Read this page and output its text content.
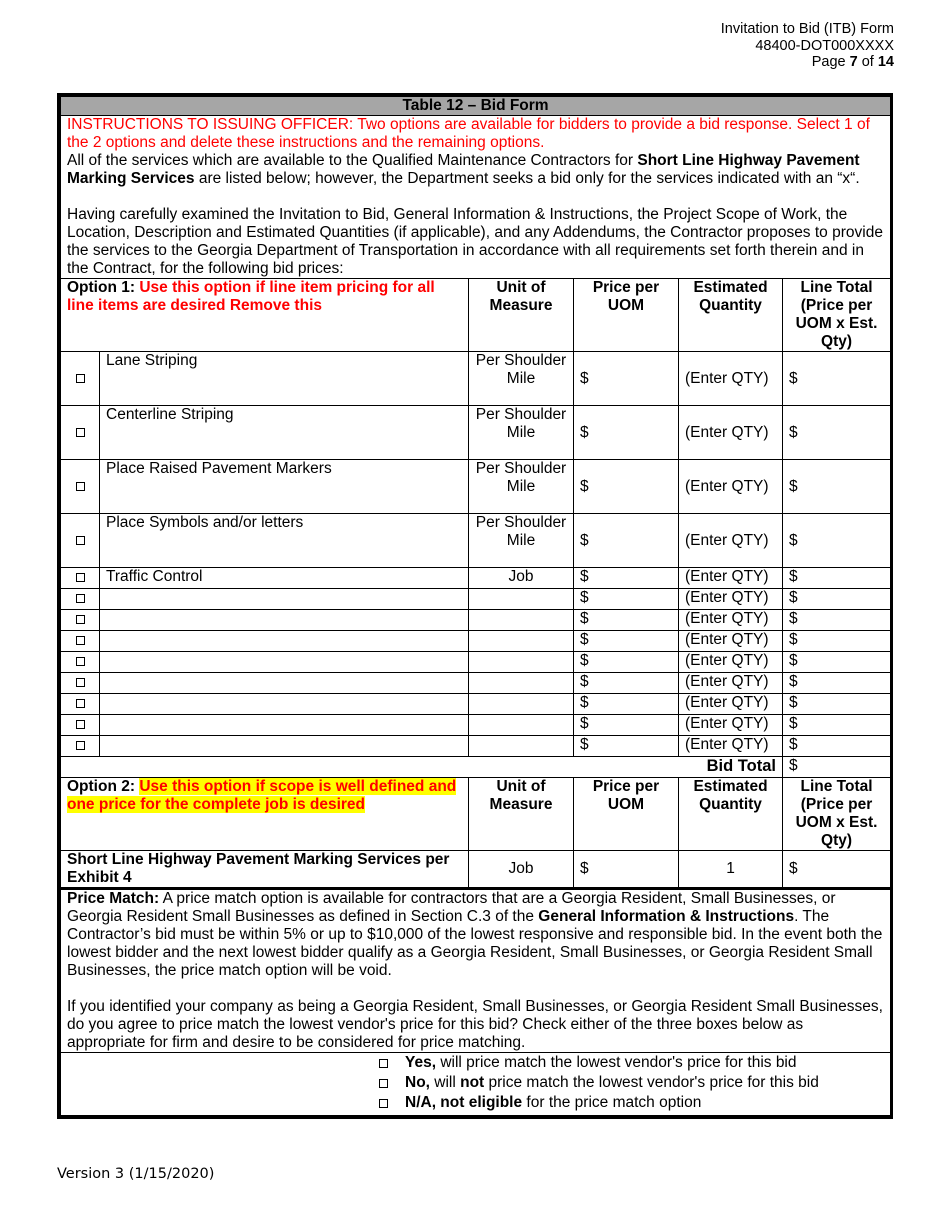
Invitation to Bid (ITB) Form
48400-DOT000XXXX
Page 7 of 14
Table 12 – Bid Form					

INSTRUCTIONS TO ISSUING OFFICER: Two options are available for bidders to provide a bid response. Select 1 of the 2 options and delete these instructions and the remaining options.
All of the services which are available to the Qualified Maintenance Contractors for Short Line Highway Pavement Marking Services are listed below; however, the Department seeks a bid only for the services indicated with an “x“.
Having carefully examined the Invitation to Bid, General Information & Instructions, the Project Scope of Work, the Location, Description and Estimated Quantities (if applicable), and any Addendums, the Contractor proposes to provide the services to the Georgia Department of Transportation in accordance with all requirements set forth therein and in the Contract, for the following bid prices:					

Option 1: Use this option if line item pricing for all line items are desired Remove this		Unit of Measure	Price per UOM	Estimated Quantity	Line Total (Price per UOM x Est. Qty)
	Lane Striping	Per Shoulder Mile	$	(Enter QTY)	$
	Centerline Striping	Per Shoulder Mile	$	(Enter QTY)	$
	Place Raised Pavement Markers	Per Shoulder Mile	$	(Enter QTY)	$
	Place Symbols and/or letters	Per Shoulder Mile	$	(Enter QTY)	$
	Traffic Control	Job	$	(Enter QTY)	$
			$	(Enter QTY)	$
			$	(Enter QTY)	$
			$	(Enter QTY)	$
			$	(Enter QTY)	$
			$	(Enter QTY)	$
			$	(Enter QTY)	$
			$	(Enter QTY)	$
			$	(Enter QTY)	$
Bid Total					$
Option 2: Use this option if scope is well defined and one price for the complete job is desired		Unit of Measure	Price per UOM	Estimated Quantity	Line Total (Price per UOM x Est. Qty)
Short Line Highway Pavement Marking Services per Exhibit 4		Job	$	1	$

Price Match: A price match option is available for contractors that are a Georgia Resident, Small Businesses, or Georgia Resident Small Businesses as defined in Section C.3 of the General Information & Instructions. The Contractor’s bid must be within 5% or up to $10,000 of the lowest responsive and responsible bid. In the event both the lowest bidder and the next lowest bidder qualify as a Georgia Resident, Small Businesses, or Georgia Resident Small Businesses, the price match option will be void.
If you identified your company as being a Georgia Resident, Small Businesses, or Georgia Resident Small Businesses, do you agree to price match the lowest vendor's price for this bid? Check either of the three boxes below as appropriate for firm and desire to be considered for price matching.					

Yes, will price match the lowest vendor's price for this bid
No, will not price match the lowest vendor's price for this bid
N/A, not eligible for the price match option					
Version 3 (1/15/2020)
